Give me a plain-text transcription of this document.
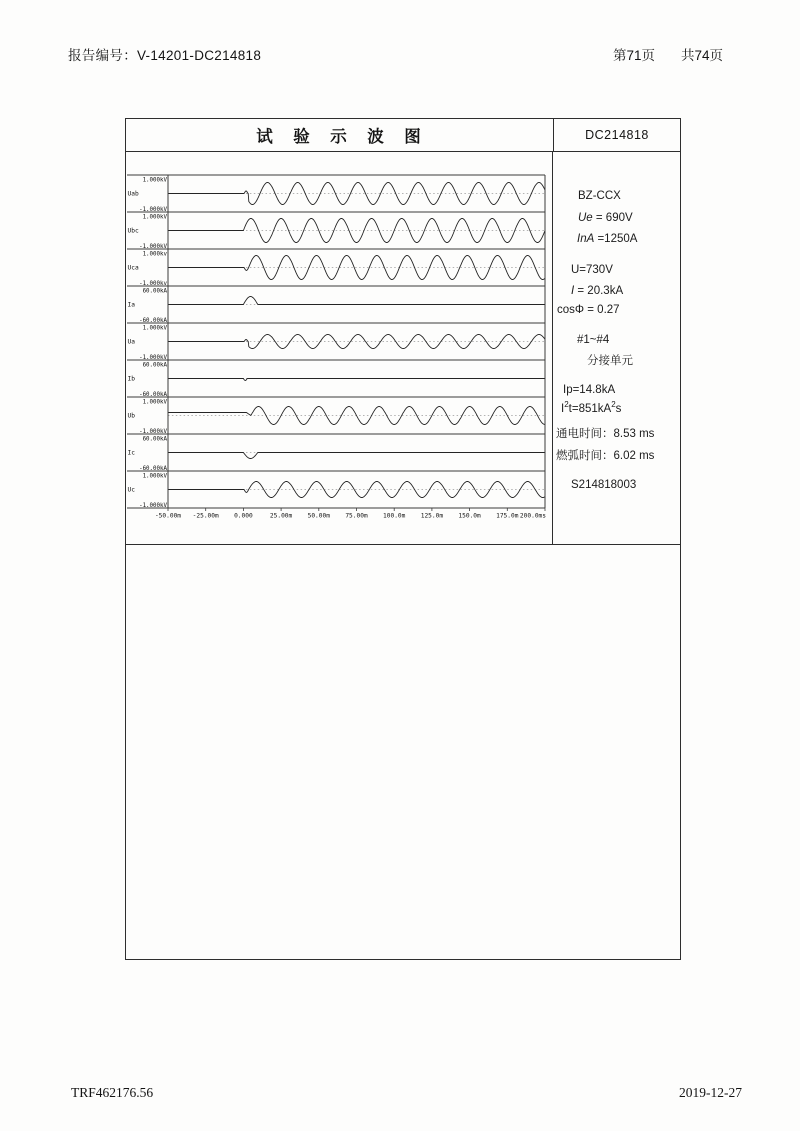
报告编号：V-14201-DC214818	第71页 共74页
试　验　示　波　图	DC214818
1.000kV
-1.000kV
Uab
1.000kV
-1.000kV
Ubc
1.000kv
-1.000kv
Uca
60.00kA
-60.00kA
Ia
1.000kV
-1.000kV
Ua
60.00kA
-60.00kA
Ib
1.000kV
-1.000kV
Ub
60.00kA
-60.00kA
Ic
1.000kV
-1.000kV
Uc
-50.00m -25.00m 0.000	25.00m 50.00m 75.00m 100.0m 125.0m 150.0m 175.0m 200.0ms
BZ-CCX
Ue = 690V
InA =1250A
U=730V
I = 20.3kA
cosΦ = 0.27
#1~#4
分接单元
Ip=14.8kA
$I^2t=851kA^2s$
通电时间：8.53 ms
燃弧时间：6.02 ms
S214818003
TRF462176.56	2019-12-27
